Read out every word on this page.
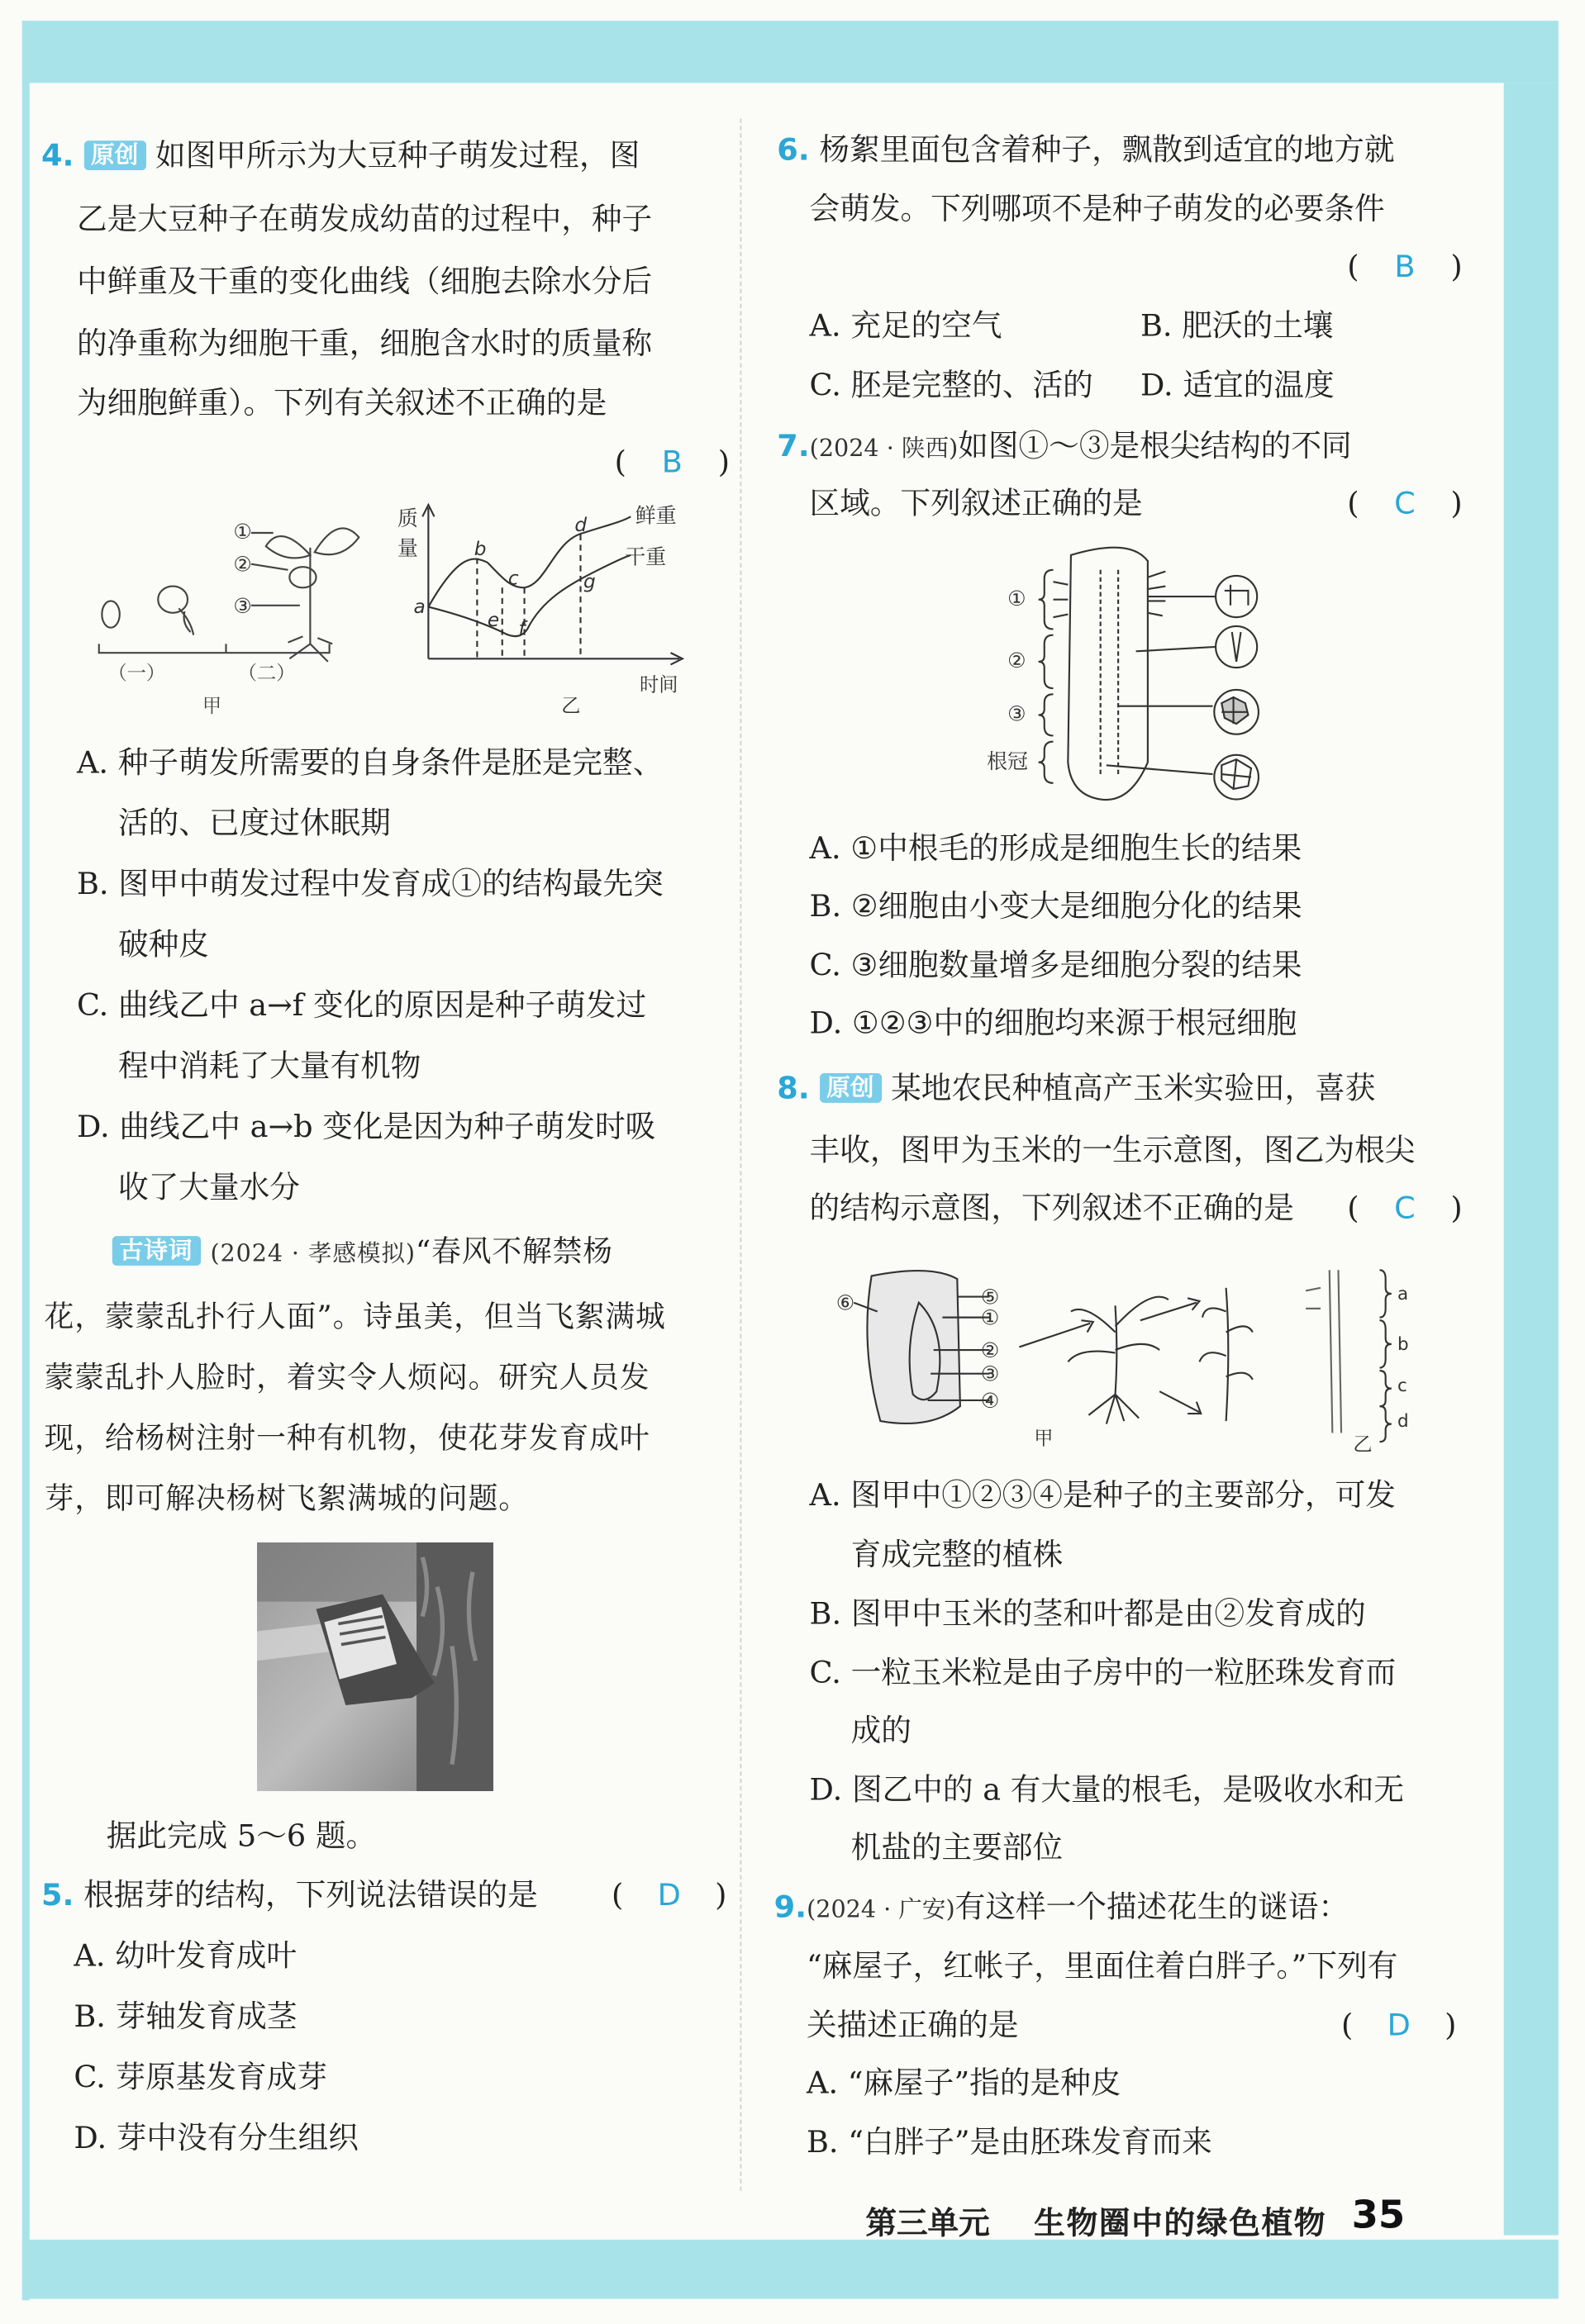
4. 原创 如图甲所示为大豆种子萌发过程，图
乙是大豆种子在萌发成幼苗的过程中，种子
中鲜重及干重的变化曲线（细胞去除水分后
的净重称为细胞干重，细胞含水时的质量称
为细胞鲜重）。下列有关叙述不正确的是
( B )
①
②
③
（一）	（二）
甲
质
量
鲜重
干重
a
b
c
d
e f
g
时间
乙
A. 种子萌发所需要的自身条件是胚是完整、
活的、已度过休眠期
B. 图甲中萌发过程中发育成①的结构最先突
破种皮
C. 曲线乙中 a→f 变化的原因是种子萌发过
程中消耗了大量有机物
D. 曲线乙中 a→b 变化是因为种子萌发时吸
收了大量水分
古诗词 (2024 · 孝感模拟)“春风不解禁杨
花，蒙蒙乱扑行人面”。诗虽美，但当飞絮满城
蒙蒙乱扑人脸时，着实令人烦闷。研究人员发
现，给杨树注射一种有机物，使花芽发育成叶
芽，即可解决杨树飞絮满城的问题。
据此完成 5～6 题。
5. 根据芽的结构，下列说法错误的是	( D )
A. 幼叶发育成叶
B. 芽轴发育成茎
C. 芽原基发育成芽
D. 芽中没有分生组织
6. 杨絮里面包含着种子，飘散到适宜的地方就
会萌发。下列哪项不是种子萌发的必要条件
( B )
A. 充足的空气	B. 肥沃的土壤
C. 胚是完整的、活的	D. 适宜的温度
7.(2024 · 陕西)如图①～③是根尖结构的不同
区域。下列叙述正确的是	( C )
①
②
③
根冠
A. ①中根毛的形成是细胞生长的结果
B. ②细胞由小变大是细胞分化的结果
C. ③细胞数量增多是细胞分裂的结果
D. ①②③中的细胞均来源于根冠细胞
8. 原创 某地农民种植高产玉米实验田，喜获
丰收，图甲为玉米的一生示意图，图乙为根尖
的结构示意图，下列叙述不正确的是	( C )
⑥	⑤
①
②
③
④
a
b
c
d
甲	乙
A. 图甲中①②③④是种子的主要部分，可发
育成完整的植株
B. 图甲中玉米的茎和叶都是由②发育成的
C. 一粒玉米粒是由子房中的一粒胚珠发育而
成的
D. 图乙中的 a 有大量的根毛，是吸收水和无
机盐的主要部位
9.(2024 · 广安)有这样一个描述花生的谜语：
“麻屋子，红帐子，里面住着白胖子。”下列有
关描述正确的是	( D )
A. “麻屋子”指的是种皮
B. “白胖子”是由胚珠发育而来
第三单元	生物圈中的绿色植物 35
